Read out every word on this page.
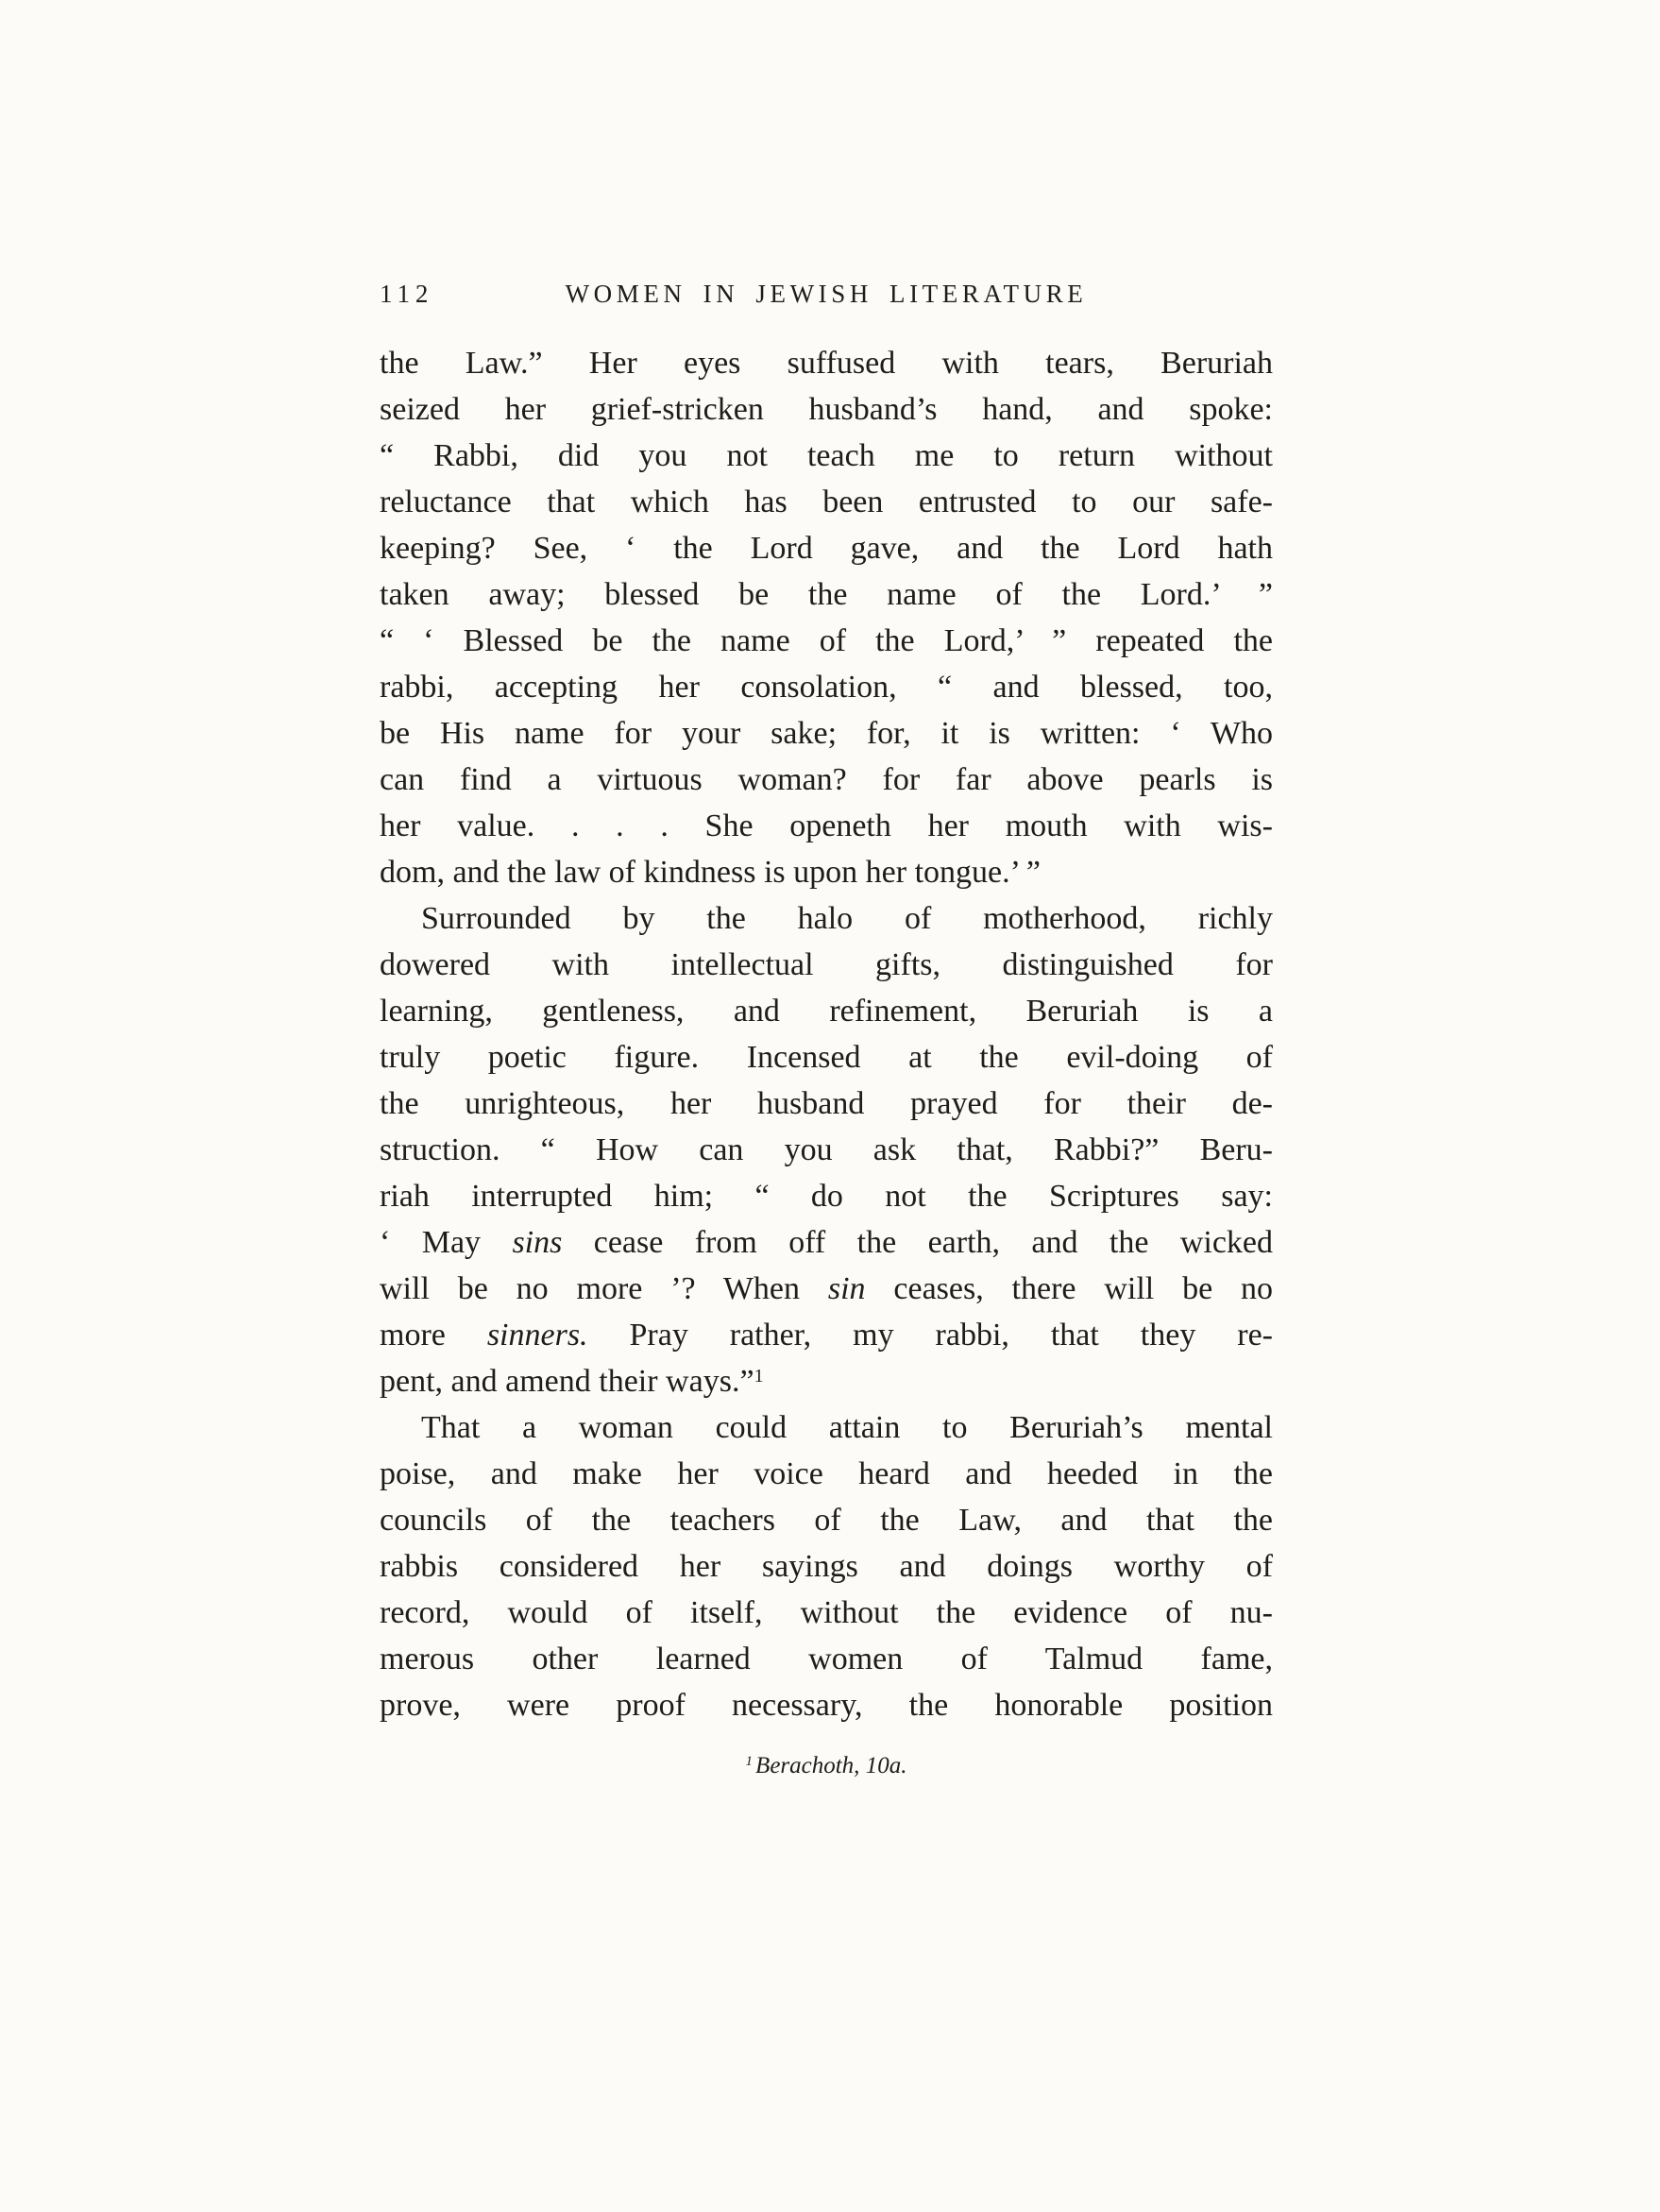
112	WOMEN IN JEWISH LITERATURE
the Law.” Her eyes suffused with tears, Beruriah
seized her grief-stricken husband’s hand, and spoke:
“ Rabbi, did you not teach me to return without
reluctance that which has been entrusted to our safe-
keeping? See, ‘ the Lord gave, and the Lord hath
taken away; blessed be the name of the Lord.’ ”
“ ‘ Blessed be the name of the Lord,’ ” repeated the
rabbi, accepting her consolation, “ and blessed, too,
be His name for your sake; for, it is written: ‘ Who
can find a virtuous woman? for far above pearls is
her value. . . . She openeth her mouth with wis-
dom, and the law of kindness is upon her tongue.’ ”
Surrounded by the halo of motherhood, richly
dowered with intellectual gifts, distinguished for
learning, gentleness, and refinement, Beruriah is a
truly poetic figure. Incensed at the evil-doing of
the unrighteous, her husband prayed for their de-
struction. “ How can you ask that, Rabbi?” Beru-
riah interrupted him; “ do not the Scriptures say:
‘ May sins cease from off the earth, and the wicked
will be no more ’? When sin ceases, there will be no
more sinners. Pray rather, my rabbi, that they re-
pent, and amend their ways.”$^1$
That a woman could attain to Beruriah’s mental
poise, and make her voice heard and heeded in the
councils of the teachers of the Law, and that the
rabbis considered her sayings and doings worthy of
record, would of itself, without the evidence of nu-
merous other learned women of Talmud fame,
prove, were proof necessary, the honorable position
$^1$ Berachoth, 10a.
